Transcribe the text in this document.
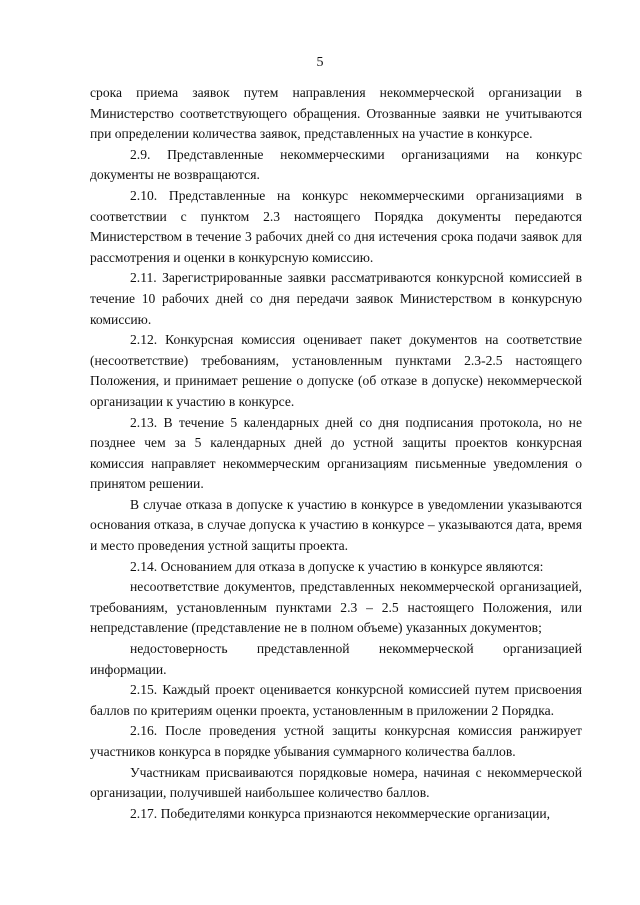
5

срока приема заявок путем направления некоммерческой организации в Министерство соответствующего обращения. Отозванные заявки не учитываются при определении количества заявок, представленных на участие в конкурсе.

2.9. Представленные некоммерческими организациями на конкурс документы не возвращаются.

2.10. Представленные на конкурс некоммерческими организациями в соответствии с пунктом 2.3 настоящего Порядка документы передаются Министерством в течение 3 рабочих дней со дня истечения срока подачи заявок для рассмотрения и оценки в конкурсную комиссию.

2.11. Зарегистрированные заявки рассматриваются конкурсной комиссией в течение 10 рабочих дней со дня передачи заявок Министерством в конкурсную комиссию.

2.12. Конкурсная комиссия оценивает пакет документов на соответствие (несоответствие) требованиям, установленным пунктами 2.3-2.5 настоящего Положения, и принимает решение о допуске (об отказе в допуске) некоммерческой организации к участию в конкурсе.

2.13. В течение 5 календарных дней со дня подписания протокола, но не позднее чем за 5 календарных дней до устной защиты проектов конкурсная комиссия направляет некоммерческим организациям письменные уведомления о принятом решении.

В случае отказа в допуске к участию в конкурсе в уведомлении указываются основания отказа, в случае допуска к участию в конкурсе – указываются дата, время и место проведения устной защиты проекта.

2.14. Основанием для отказа в допуске к участию в конкурсе являются:

несоответствие документов, представленных некоммерческой организацией, требованиям, установленным пунктами 2.3 – 2.5 настоящего Положения, или непредставление (представление не в полном объеме) указанных документов;

недостоверность представленной некоммерческой организацией информации.

2.15. Каждый проект оценивается конкурсной комиссией путем присвоения баллов по критериям оценки проекта, установленным в приложении 2 Порядка.

2.16. После проведения устной защиты конкурсная комиссия ранжирует участников конкурса в порядке убывания суммарного количества баллов.

Участникам присваиваются порядковые номера, начиная с некоммерческой организации, получившей наибольшее количество баллов.

2.17. Победителями конкурса признаются некоммерческие организации,
